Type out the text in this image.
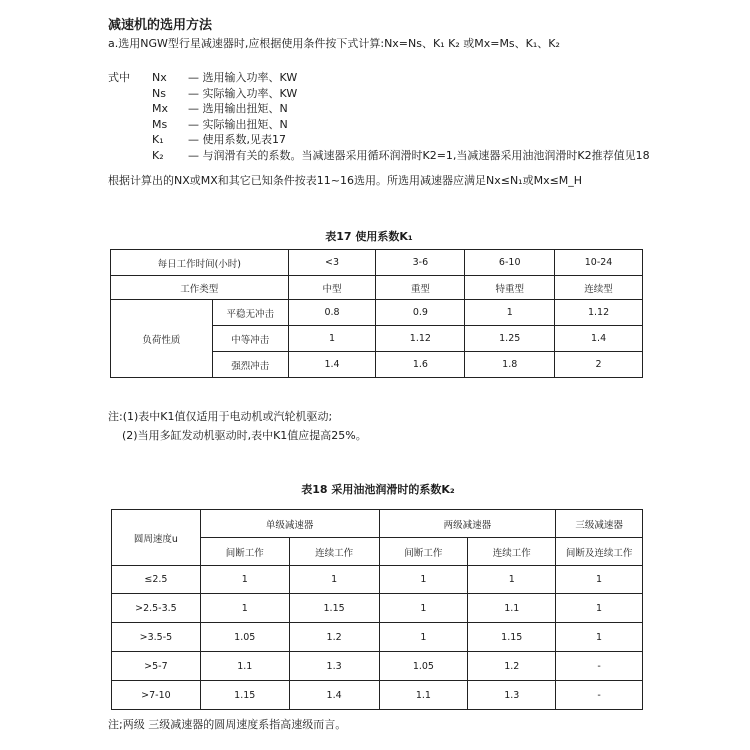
减速机的选用方法
a.选用NGW型行星减速器时,应根据使用条件按下式计算:Nx=Ns、K₁ K₂ 或Mx=Ms、K₁、K₂
式中	Nx	— 选用输入功率、KW
Ns	— 实际输入功率、KW
Mx	— 选用输出扭矩、N
Ms	— 实际输出扭矩、N
K₁	— 使用系数,见表17
K₂	— 与润滑有关的系数。当减速器采用循环润滑时K2=1,当减速器采用油池润滑时K2推荐值见18
根据计算出的NX或MX和其它已知条件按表11~16选用。所选用减速器应满足Nx≤N₁或Mx≤M_H
表17 使用系数K₁
每日工作时间(小时)		<3	3-6	6-10	10-24
工作类型		中型	重型	特重型	连续型
负荷性质	平稳无冲击	0.8	0.9	1	1.12
	中等冲击	1	1.12	1.25	1.4
	强烈冲击	1.4	1.6	1.8	2
注:(1)表中K1值仅适用于电动机或汽轮机驱动;
(2)当用多缸发动机驱动时,表中K1值应提高25%。
表18 采用油池润滑时的系数K₂
圆周速度u	单级减速器		两级减速器		三级减速器
	间断工作	连续工作	间断工作	连续工作	间断及连续工作
≤2.5	1	1	1	1	1
>2.5-3.5	1	1.15	1	1.1	1
>3.5-5	1.05	1.2	1	1.15	1
>5-7	1.1	1.3	1.05	1.2	-
>7-10	1.15	1.4	1.1	1.3	-
注;两级 三级减速器的圆周速度系指高速级而言。
